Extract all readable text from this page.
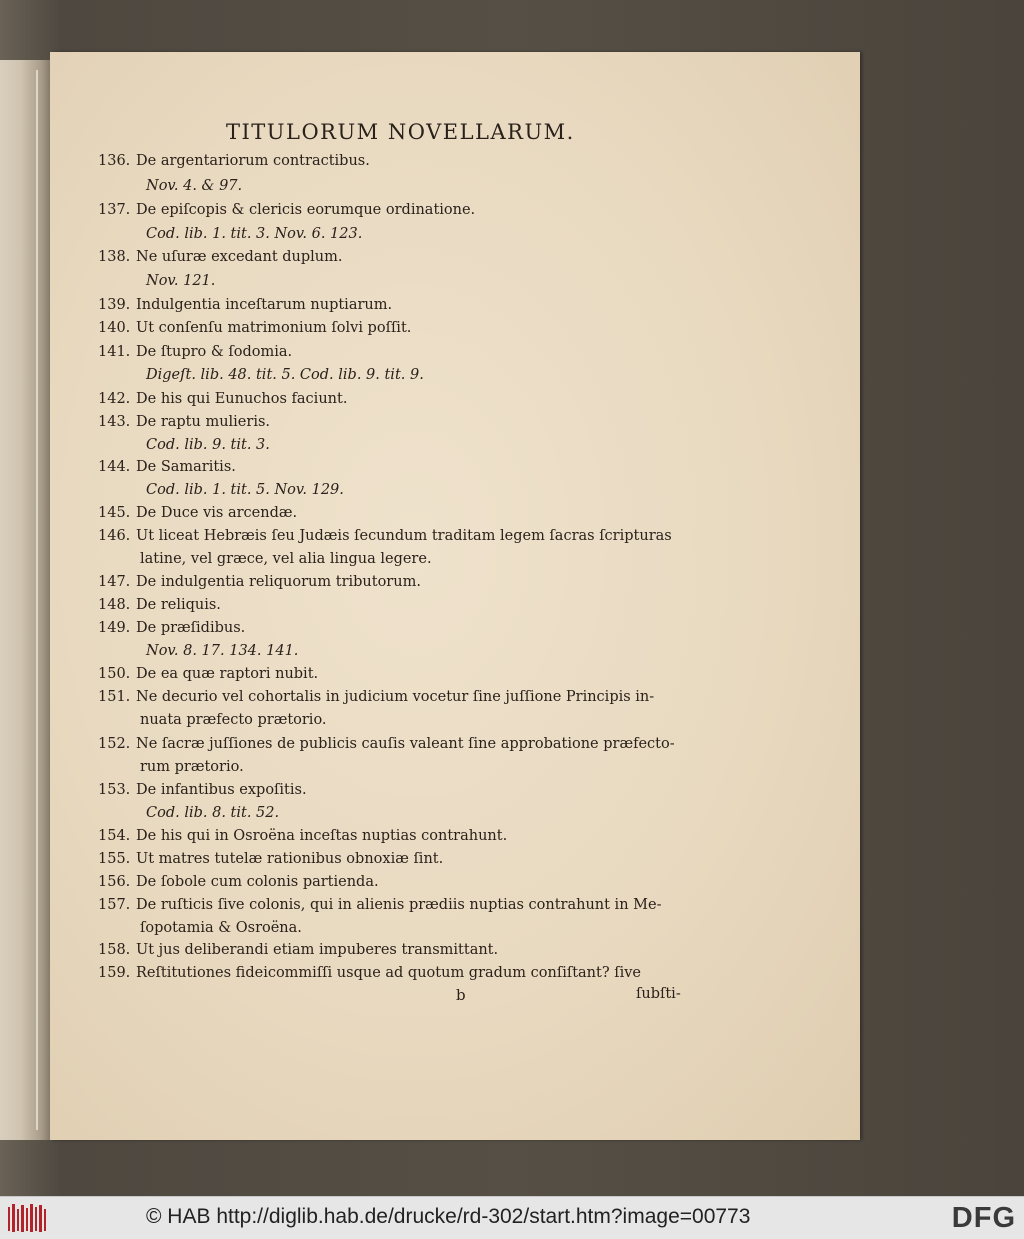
TITULORUM NOVELLARUM.
136. De argentariorum contractibus.
Nov. 4. & 97.
137. De epiſcopis & clericis eorumque ordinatione.
Cod. lib. 1. tit. 3. Nov. 6. 123.
138. Ne uſuræ excedant duplum.
Nov. 121.
139. Indulgentia inceſtarum nuptiarum.
140. Ut conſenſu matrimonium ſolvi poſſit.
141. De ſtupro & ſodomia.
Digeſt. lib. 48. tit. 5. Cod. lib. 9. tit. 9.
142. De his qui Eunuchos faciunt.
143. De raptu mulieris.
Cod. lib. 9. tit. 3.
144. De Samaritis.
Cod. lib. 1. tit. 5. Nov. 129.
145. De Duce vis arcendæ.
146. Ut liceat Hebræis ſeu Judæis ſecundum traditam legem ſacras ſcripturas
latine, vel græce, vel alia lingua legere.
147. De indulgentia reliquorum tributorum.
148. De reliquis.
149. De præſidibus.
Nov. 8. 17. 134. 141.
150. De ea quæ raptori nubit.
151. Ne decurio vel cohortalis in judicium vocetur ſine juſſione Principis in-
nuata præfecto prætorio.
152. Ne ſacræ juſſiones de publicis cauſis valeant ſine approbatione præfecto-
rum prætorio.
153. De infantibus expoſitis.
Cod. lib. 8. tit. 52.
154. De his qui in Osroëna inceſtas nuptias contrahunt.
155. Ut matres tutelæ rationibus obnoxiæ ſint.
156. De ſobole cum colonis partienda.
157. De ruſticis ſive colonis, qui in alienis prædiis nuptias contrahunt in Me-
ſopotamia & Osroëna.
158. Ut jus deliberandi etiam impuberes transmittant.
159. Reſtitutiones fideicommiſſi usque ad quotum gradum conſiſtant? ſive
b	ſubſti-
© HAB http://diglib.hab.de/drucke/rd-302/start.htm?image=00773	DFG
